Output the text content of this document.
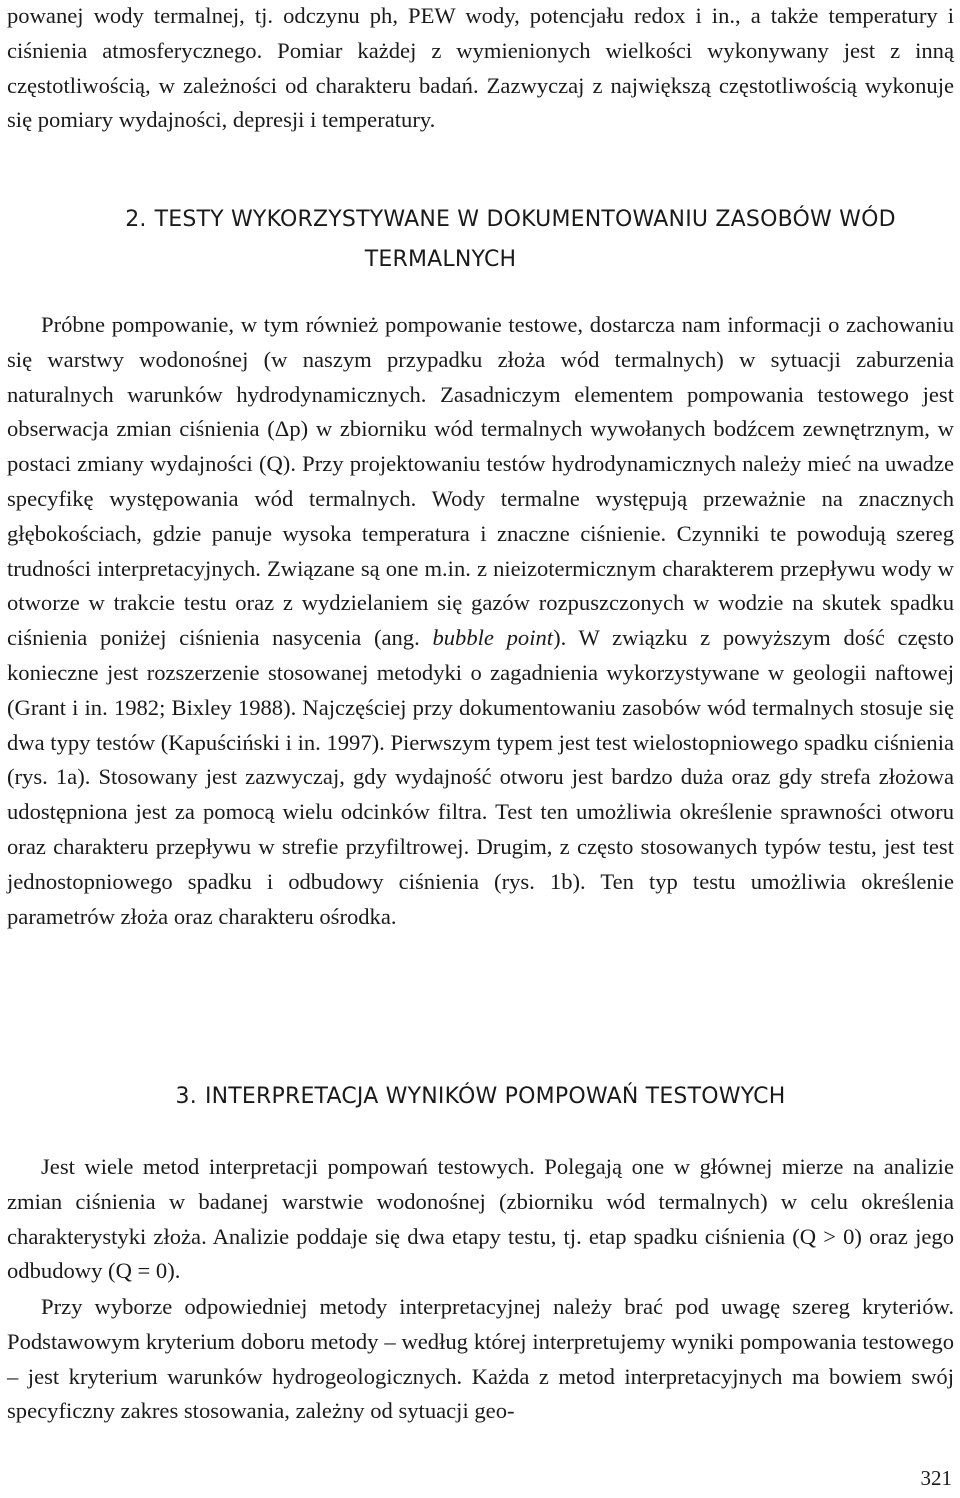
powanej wody termalnej, tj. odczynu ph, PEW wody, potencjału redox i in., a także temperatury i ciśnienia atmosferycznego. Pomiar każdej z wymienionych wielkości wykonywany jest z inną częstotliwością, w zależności od charakteru badań. Zazwyczaj z największą częstotliwością wykonuje się pomiary wydajności, depresji i temperatury.

2. TESTY WYKORZYSTYWANE W DOKUMENTOWANIU ZASOBÓW WÓD

TERMALNYCH

Próbne pompowanie, w tym również pompowanie testowe, dostarcza nam informacji o zachowaniu się warstwy wodonośnej (w naszym przypadku złoża wód termalnych) w sytuacji zaburzenia naturalnych warunków hydrodynamicznych. Zasadniczym elementem pompowania testowego jest obserwacja zmian ciśnienia (Δp) w zbiorniku wód termalnych wywołanych bodźcem zewnętrznym, w postaci zmiany wydajności (Q). Przy projektowaniu testów hydrodynamicznych należy mieć na uwadze specyfikę występowania wód termalnych. Wody termalne występują przeważnie na znacznych głębokościach, gdzie panuje wysoka temperatura i znaczne ciśnienie. Czynniki te powodują szereg trudności interpretacyjnych. Związane są one m.in. z nieizotermicznym charakterem przepływu wody w otworze w trakcie testu oraz z wydzielaniem się gazów rozpuszczonych w wodzie na skutek spadku ciśnienia poniżej ciśnienia nasycenia (ang. bubble point). W związku z powyższym dość często konieczne jest rozszerzenie stosowanej metodyki o zagadnienia wykorzystywane w geologii naftowej (Grant i in. 1982; Bixley 1988). Najczęściej przy dokumentowaniu zasobów wód termalnych stosuje się dwa typy testów (Kapuściński i in. 1997). Pierwszym typem jest test wielostopniowego spadku ciśnienia (rys. 1a). Stosowany jest zazwyczaj, gdy wydajność otworu jest bardzo duża oraz gdy strefa złożowa udostępniona jest za pomocą wielu odcinków filtra. Test ten umożliwia określenie sprawności otworu oraz charakteru przepływu w strefie przyfiltrowej. Drugim, z często stosowanych typów testu, jest test jednostopniowego spadku i odbudowy ciśnienia (rys. 1b). Ten typ testu umożliwia określenie parametrów złoża oraz charakteru ośrodka.

3. INTERPRETACJA WYNIKÓW POMPOWAŃ TESTOWYCH

Jest wiele metod interpretacji pompowań testowych. Polegają one w głównej mierze na analizie zmian ciśnienia w badanej warstwie wodonośnej (zbiorniku wód termalnych) w celu określenia charakterystyki złoża. Analizie poddaje się dwa etapy testu, tj. etap spadku ciśnienia (Q > 0) oraz jego odbudowy (Q = 0).

Przy wyborze odpowiedniej metody interpretacyjnej należy brać pod uwagę szereg kryteriów. Podstawowym kryterium doboru metody – według której interpretujemy wyniki pompowania testowego – jest kryterium warunków hydrogeologicznych. Każda z metod interpretacyjnych ma bowiem swój specyficzny zakres stosowania, zależny od sytuacji geo-

321
